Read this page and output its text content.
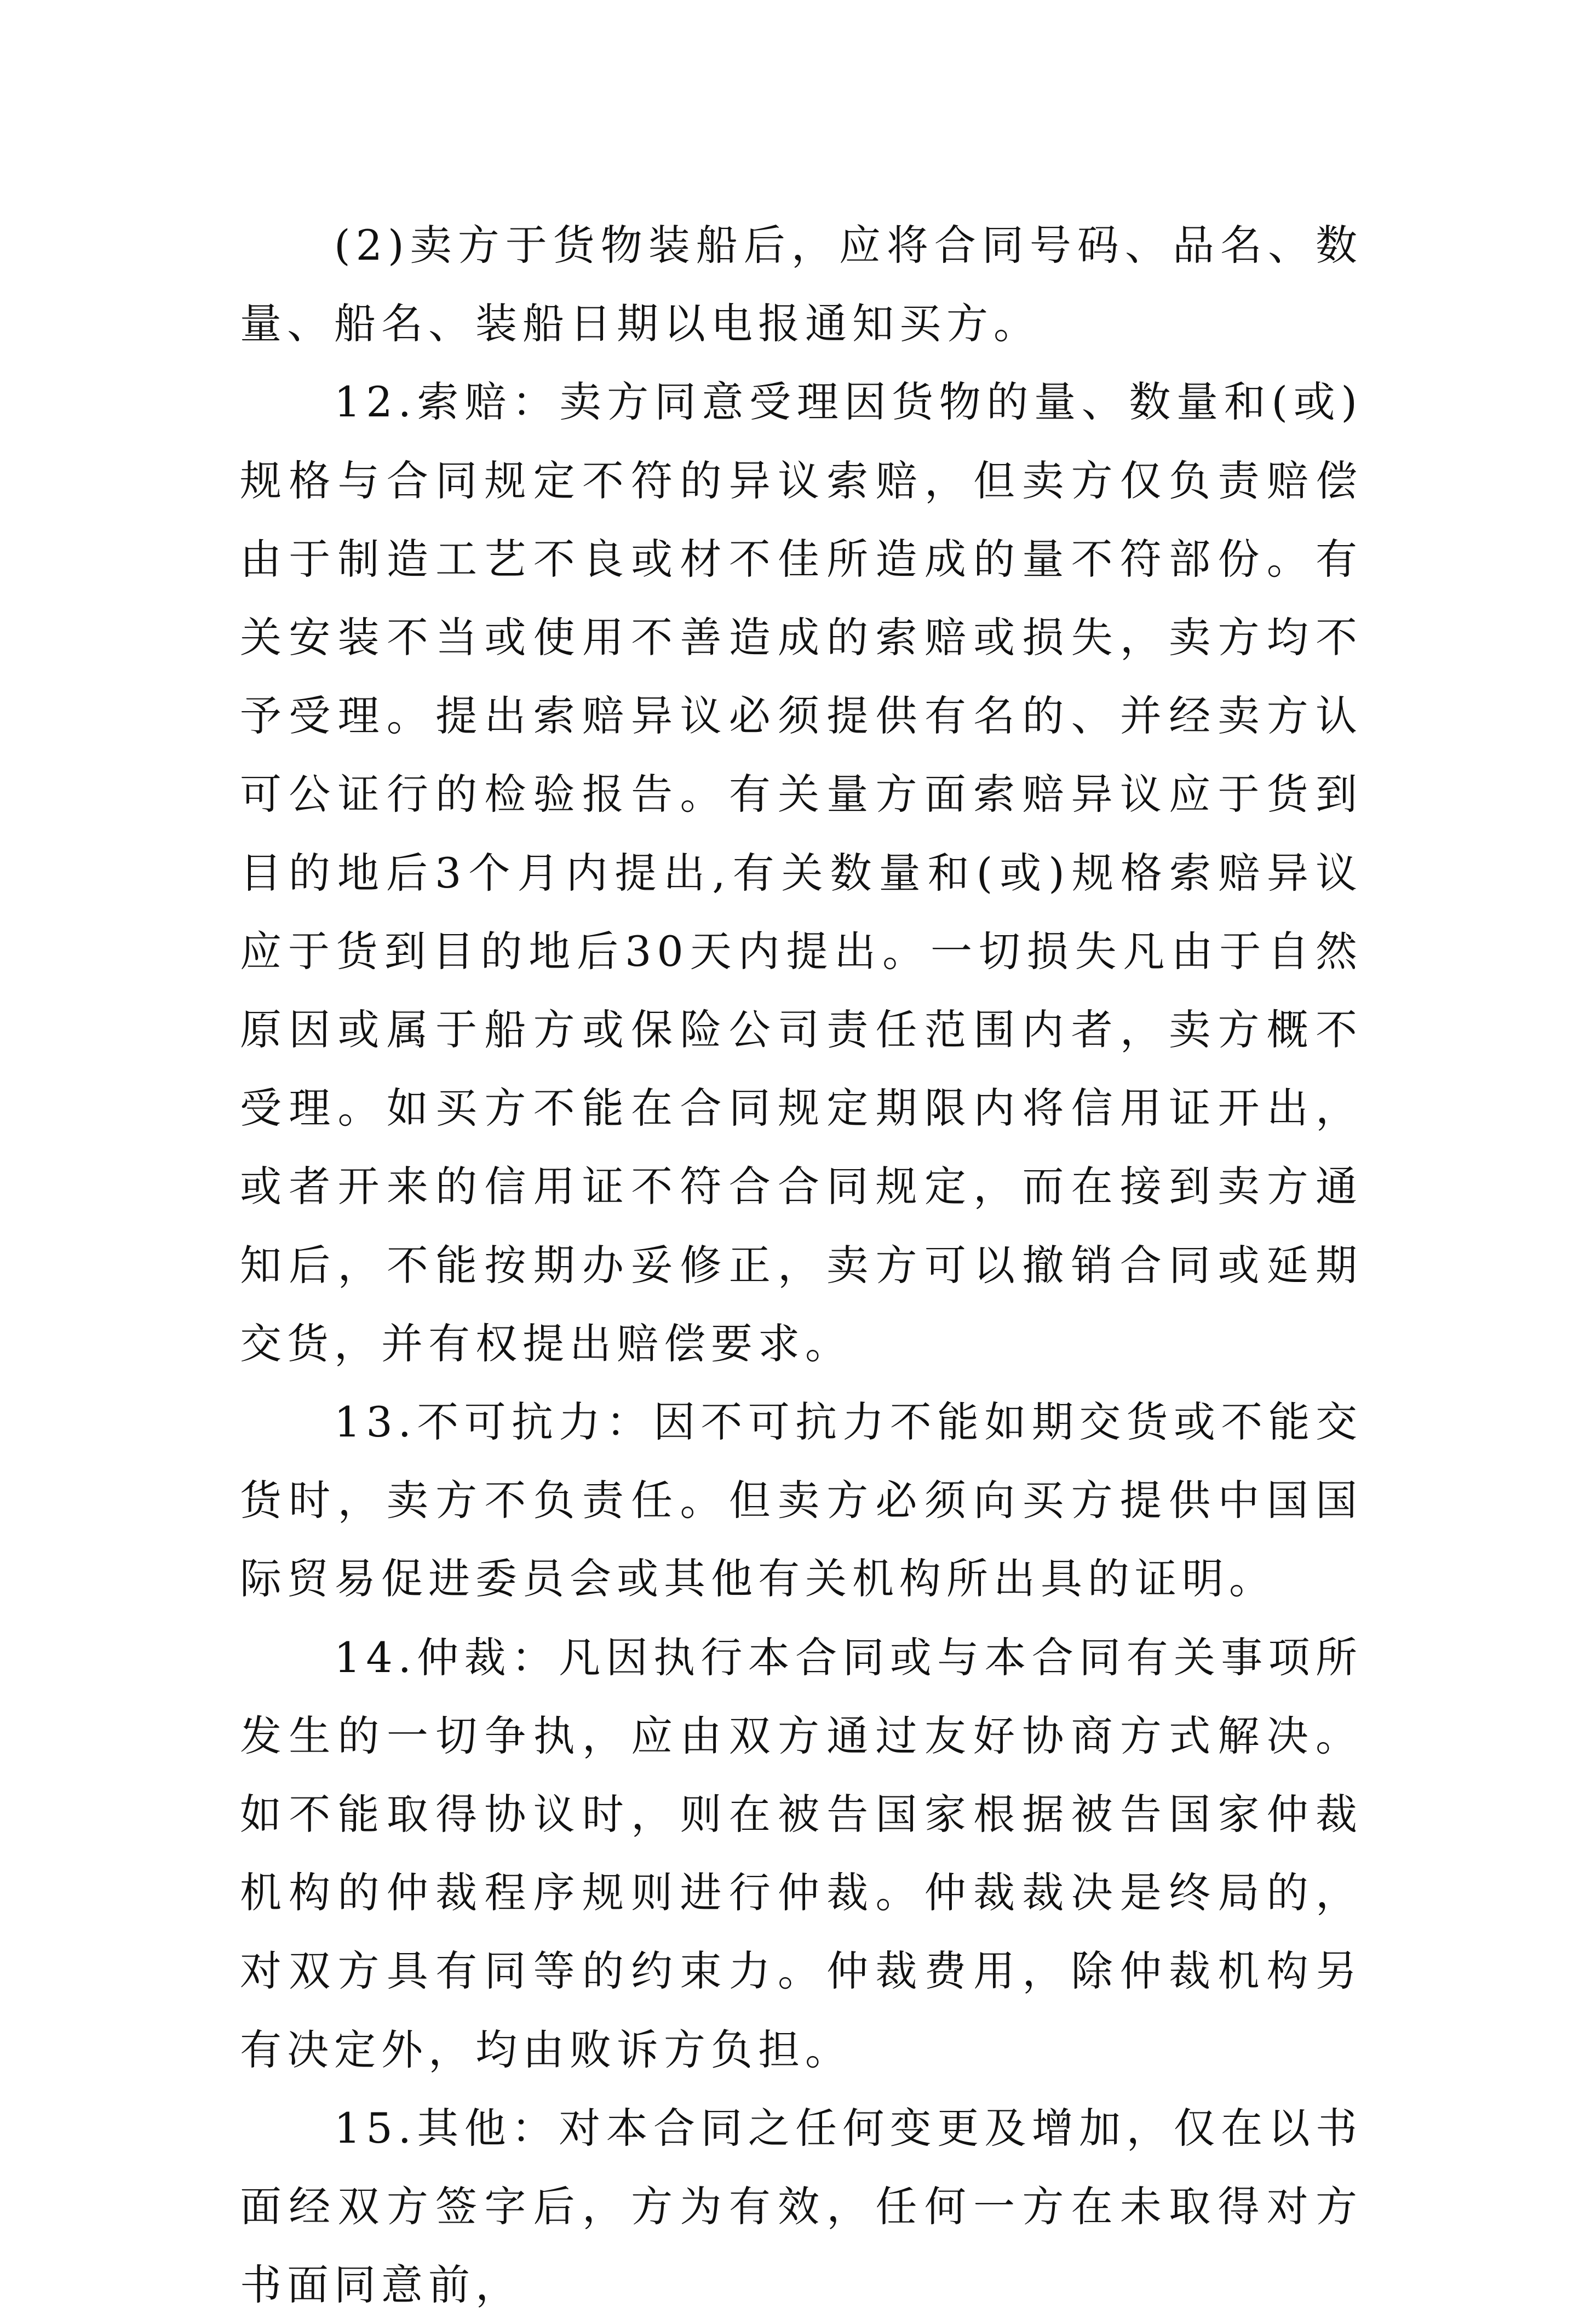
(2)卖方于货物装船后，应将合同号码、品名、数量、船名、装船日期以电报通知买方。

12.索赔：卖方同意受理因货物的量、数量和(或)规格与合同规定不符的异议索赔，但卖方仅负责赔偿由于制造工艺不良或材不佳所造成的量不符部份。有关安装不当或使用不善造成的索赔或损失，卖方均不予受理。提出索赔异议必须提供有名的、并经卖方认可公证行的检验报告。有关量方面索赔异议应于货到目的地后3个月内提出,有关数量和(或)规格索赔异议应于货到目的地后30天内提出。一切损失凡由于自然原因或属于船方或保险公司责任范围内者，卖方概不受理。如买方不能在合同规定期限内将信用证开出，或者开来的信用证不符合合同规定，而在接到卖方通知后，不能按期办妥修正，卖方可以撤销合同或延期交货，并有权提出赔偿要求。

13.不可抗力：因不可抗力不能如期交货或不能交货时，卖方不负责任。但卖方必须向买方提供中国国际贸易促进委员会或其他有关机构所出具的证明。

14.仲裁：凡因执行本合同或与本合同有关事项所发生的一切争执，应由双方通过友好协商方式解决。如不能取得协议时，则在被告国家根据被告国家仲裁机构的仲裁程序规则进行仲裁。仲裁裁决是终局的，对双方具有同等的约束力。仲裁费用，除仲裁机构另有决定外，均由败诉方负担。

15.其他：对本合同之任何变更及增加，仅在以书面经双方签字后，方为有效，任何一方在未取得对方书面同意前，
